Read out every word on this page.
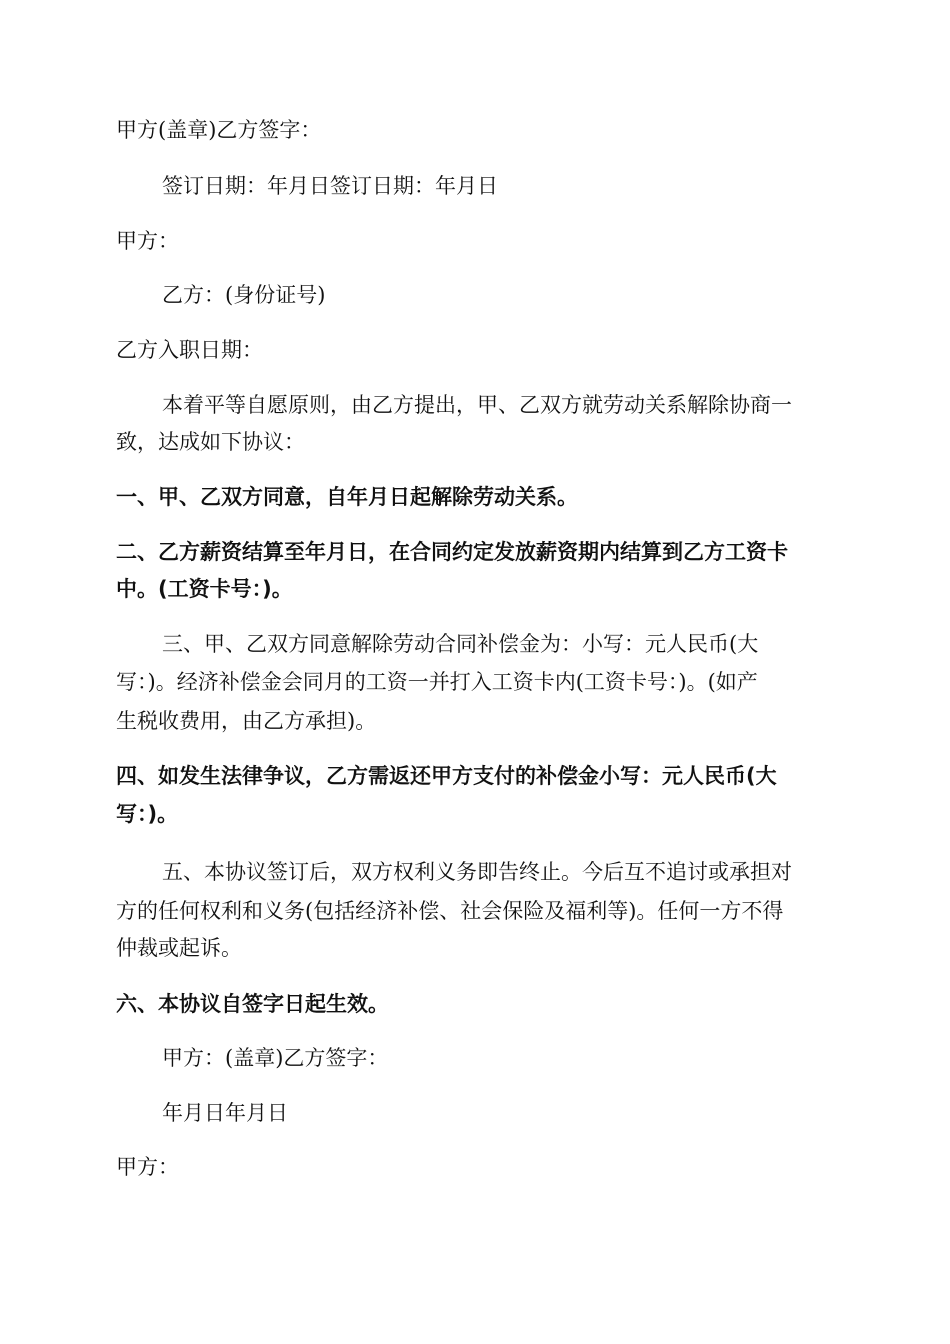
甲方(盖章)乙方签字：
签订日期：年月日签订日期：年月日
甲方：
乙方：(身份证号)
乙方入职日期：
本着平等自愿原则，由乙方提出，甲、乙双方就劳动关系解除协商一
致，达成如下协议：
一、甲、乙双方同意，自年月日起解除劳动关系。
二、乙方薪资结算至年月日，在合同约定发放薪资期内结算到乙方工资卡
中。(工资卡号：)。
三、甲、乙双方同意解除劳动合同补偿金为：小写：元人民币(大
写：)。经济补偿金会同月的工资一并打入工资卡内(工资卡号：)。(如产
生税收费用，由乙方承担)。
四、如发生法律争议，乙方需返还甲方支付的补偿金小写：元人民币(大
写：)。
五、本协议签订后，双方权利义务即告终止。今后互不追讨或承担对
方的任何权利和义务(包括经济补偿、社会保险及福利等)。任何一方不得
仲裁或起诉。
六、本协议自签字日起生效。
甲方：(盖章)乙方签字：
年月日年月日
甲方：
